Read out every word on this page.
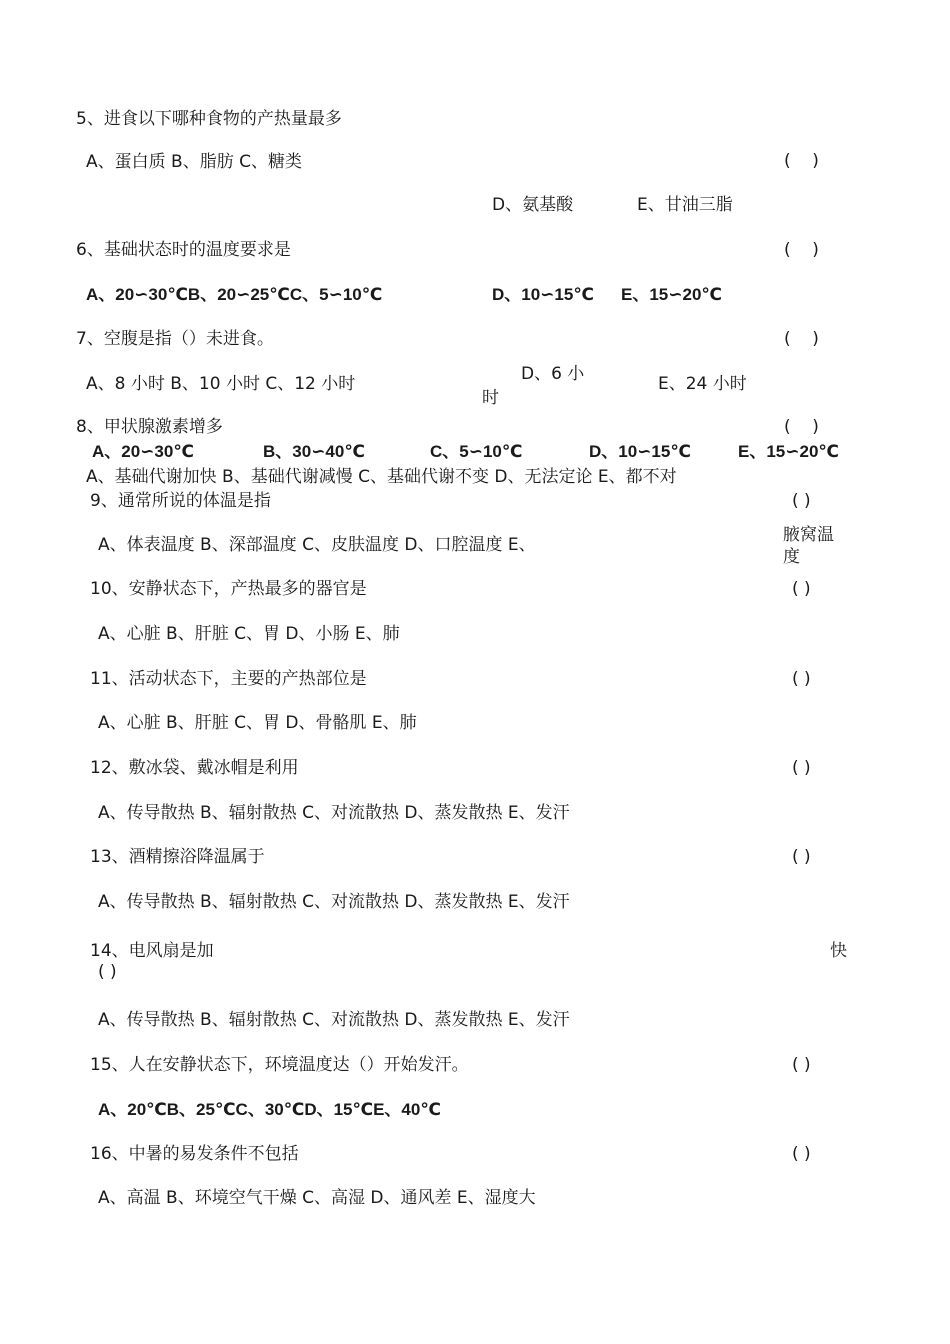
5、进食以下哪种食物的产热量最多
(    )
A、蛋白质 B、脂肪 C、糖类
D、氨基酸	E、甘油三脂
6、基础状态时的温度要求是	(    )
A、20∽30℃B、20∽25℃C、5∽10℃	D、10∽15℃ E、15∽20℃
7、空腹是指（）未进食。	(    )
A、8 小时 B、10 小时 C、12 小时	D、6 小
时
E、24 小时
8、甲状腺激素增多	(    )
A、20∽30℃	B、30∽40℃	C、5∽10℃	D、10∽15℃	E、15∽20℃
A、基础代谢加快 B、基础代谢减慢 C、基础代谢不变 D、无法定论 E、都不对
9、通常所说的体温是指	( )
A、体表温度 B、深部温度 C、皮肤温度 D、口腔温度 E、	腋窝温
度
10、安静状态下，产热最多的器官是	( )
A、心脏 B、肝脏 C、胃 D、小肠 E、肺
11、活动状态下，主要的产热部位是	( )
A、心脏 B、肝脏 C、胃 D、骨骼肌 E、肺
12、敷冰袋、戴冰帽是利用	( )
A、传导散热 B、辐射散热 C、对流散热 D、蒸发散热 E、发汗
13、酒精擦浴降温属于	( )
A、传导散热 B、辐射散热 C、对流散热 D、蒸发散热 E、发汗
14、电风扇是加	快
( )
A、传导散热 B、辐射散热 C、对流散热 D、蒸发散热 E、发汗
15、人在安静状态下，环境温度达（）开始发汗。	( )
A、20℃B、25℃C、30℃D、15℃E、40℃
16、中暑的易发条件不包括	( )
A、高温 B、环境空气干燥 C、高湿 D、通风差 E、湿度大
